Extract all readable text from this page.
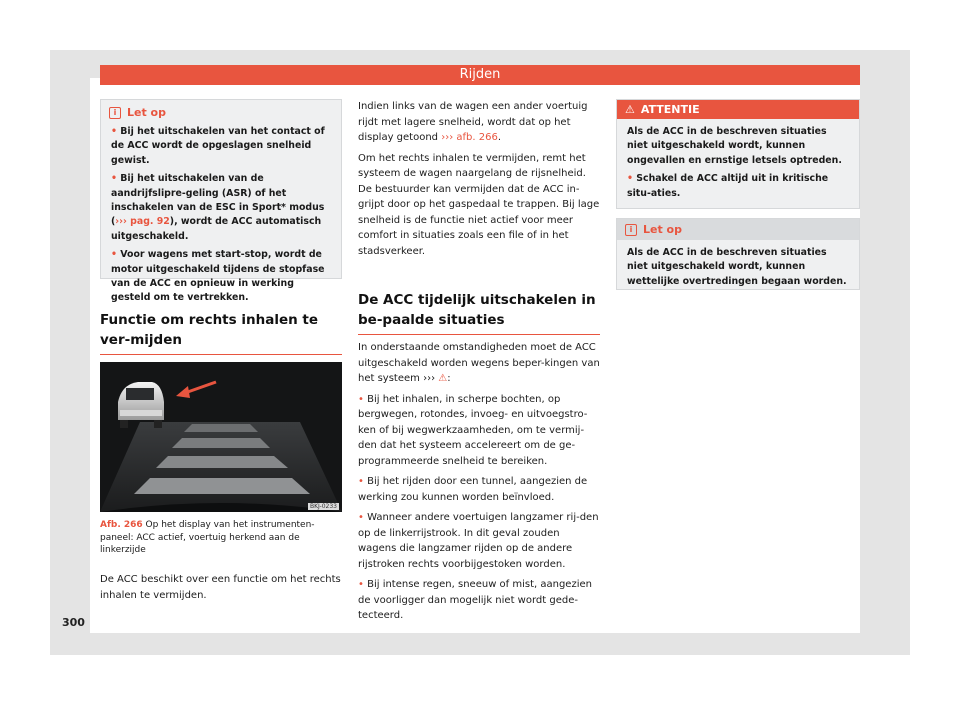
Rijden
i Let op

• Bij het uitschakelen van het contact of de ACC wordt de opgeslagen snelheid gewist.

• Bij het uitschakelen van de aandrijfslipre-geling (ASR) of het inschakelen van de ESC in Sport* modus (››› pag. 92), wordt de ACC automatisch uitgeschakeld.

• Voor wagens met start-stop, wordt de motor uitgeschakeld tijdens de stopfase van de ACC en opnieuw in werking gesteld om te vertrekken.

Functie om rechts inhalen te ver-mijden
BKJ-0233
Afb. 266 Op het display van het instrumenten-paneel: ACC actief, voertuig herkend aan de linkerzijde

De ACC beschikt over een functie om het rechts inhalen te vermijden.

300

Indien links van de wagen een ander voertuig rijdt met lagere snelheid, wordt dat op het display getoond ››› afb. 266.

Om het rechts inhalen te vermijden, remt het systeem de wagen naargelang de rijsnelheid. De bestuurder kan vermijden dat de ACC in-grijpt door op het gaspedaal te trappen. Bij lage snelheid is de functie niet actief voor meer comfort in situaties zoals een file of in het stadsverkeer.

De ACC tijdelijk uitschakelen in be-paalde situaties

In onderstaande omstandigheden moet de ACC uitgeschakeld worden wegens beper-kingen van het systeem ››› ⚠:

• Bij het inhalen, in scherpe bochten, op bergwegen, rotondes, invoeg- en uitvoegstro-ken of bij wegwerkzaamheden, om te vermij-den dat het systeem accelereert om de ge-programmeerde snelheid te bereiken.

• Bij het rijden door een tunnel, aangezien de werking zou kunnen worden beïnvloed.

• Wanneer andere voertuigen langzamer rij-den op de linkerrijstrook. In dit geval zouden wagens die langzamer rijden op de andere rijstroken rechts voorbijgestoken worden.

• Bij intense regen, sneeuw of mist, aangezien de voorligger dan mogelijk niet wordt gede-tecteerd.

⚠ ATTENTIE

Als de ACC in de beschreven situaties niet uitgeschakeld wordt, kunnen ongevallen en ernstige letsels optreden.

• Schakel de ACC altijd uit in kritische situ-aties.

i Let op

Als de ACC in de beschreven situaties niet uitgeschakeld wordt, kunnen wettelijke overtredingen begaan worden.
